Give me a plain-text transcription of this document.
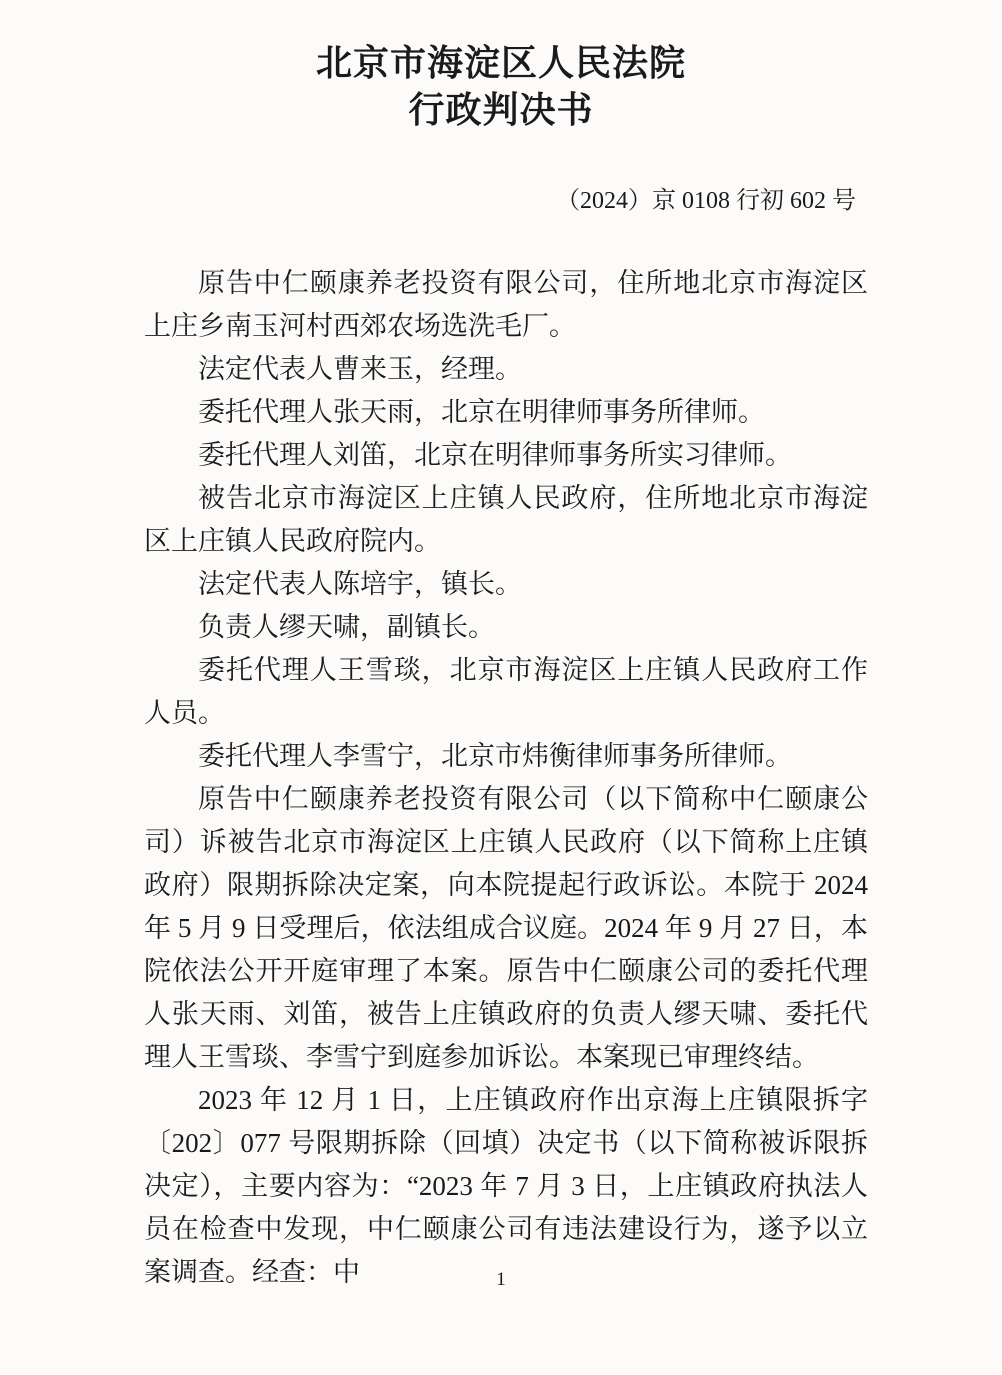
北京市海淀区人民法院
行政判决书
（2024）京 0108 行初 602 号

原告中仁颐康养老投资有限公司，住所地北京市海淀区上庄乡南玉河村西郊农场选洗毛厂。

法定代表人曹来玉，经理。

委托代理人张天雨，北京在明律师事务所律师。

委托代理人刘笛，北京在明律师事务所实习律师。

被告北京市海淀区上庄镇人民政府，住所地北京市海淀区上庄镇人民政府院内。

法定代表人陈培宇，镇长。

负责人缪天啸，副镇长。

委托代理人王雪琰，北京市海淀区上庄镇人民政府工作人员。

委托代理人李雪宁，北京市炜衡律师事务所律师。

原告中仁颐康养老投资有限公司（以下简称中仁颐康公司）诉被告北京市海淀区上庄镇人民政府（以下简称上庄镇政府）限期拆除决定案，向本院提起行政诉讼。本院于 2024 年 5 月 9 日受理后，依法组成合议庭。2024 年 9 月 27 日，本院依法公开开庭审理了本案。原告中仁颐康公司的委托代理人张天雨、刘笛，被告上庄镇政府的负责人缪天啸、委托代理人王雪琰、李雪宁到庭参加诉讼。本案现已审理终结。

2023 年 12 月 1 日，上庄镇政府作出京海上庄镇限拆字〔202〕077 号限期拆除（回填）决定书（以下简称被诉限拆决定），主要内容为：“2023 年 7 月 3 日，上庄镇政府执法人员在检查中发现，中仁颐康公司有违法建设行为，遂予以立案调查。经查：中	1
